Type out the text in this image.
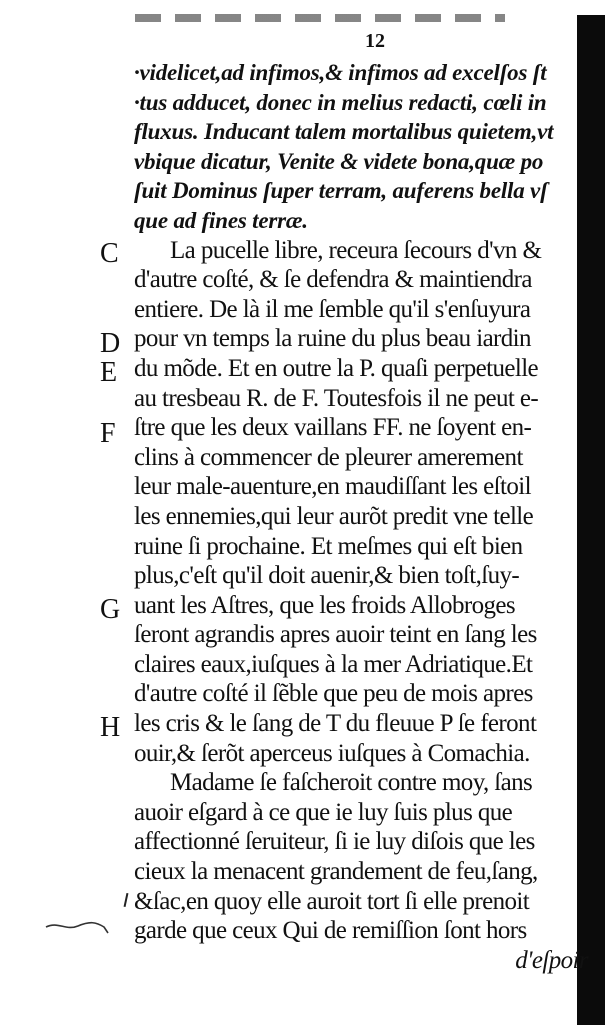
12
·videlicet,ad infimos,& infimos ad excelſos ſt
·tus adducet, donec in melius redacti, cœli in
fluxus. Inducant talem mortalibus quietem,vt
vbique dicatur, Venite & videte bona,quæ po
ſuit Dominus ſuper terram, auferens bella vſ
que ad fines terræ.
La pucelle libre, receura ſecours d'vn &
d'autre coſté, & ſe defendra & maintiendra
entiere. De là il me ſemble qu'il s'enſuyura
pour vn temps la ruine du plus beau iardin
du mõde. Et en outre la P. quaſi perpetuelle
au tresbeau R. de F. Toutesfois il ne peut e-
ſtre que les deux vaillans FF. ne ſoyent en-
clins à commencer de pleurer amerement
leur male-auenture,en maudiſſant les eſtoil
les ennemies,qui leur aurõt predit vne telle
ruine ſi prochaine. Et meſmes qui eſt bien
plus,c'eſt qu'il doit auenir,& bien toſt,ſuy-
uant les Aſtres, que les froids Allobroges
ſeront agrandis apres auoir teint en ſang les
claires eaux,iuſques à la mer Adriatique.Et
d'autre coſté il ſẽble que peu de mois apres
les cris & le ſang de T du fleuue P ſe feront
ouir,& ſerõt aperceus iuſques à Comachia.
Madame ſe faſcheroit contre moy, ſans
auoir eſgard à ce que ie luy ſuis plus que
affectionné ſeruiteur, ſi ie luy diſois que les
cieux la menacent grandement de feu,ſang,
&ſac,en quoy elle auroit tort ſi elle prenoit
garde que ceux Qui de remiſſion ſont hors
d'eſpoir
C
D
E
F
G
H
